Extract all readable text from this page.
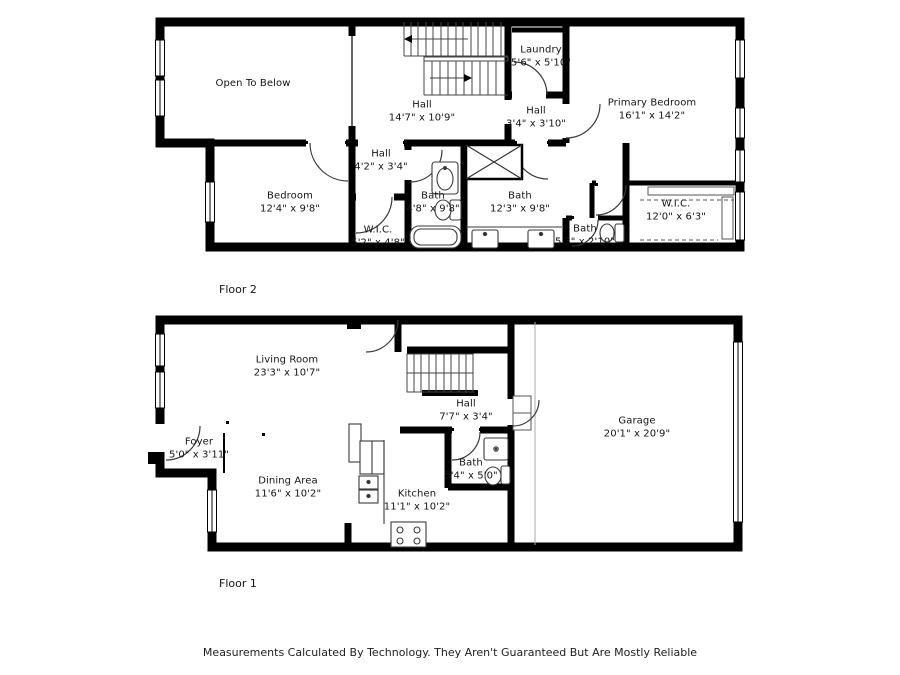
Open To Below
Hall
14'7" x 10'9"
Laundry
5'6" x 5'10"
Hall
3'4" x 3'10"
Primary Bedroom
16'1" x 14'2"
Hall
4'2" x 3'4"
Bedroom
12'4" x 9'8"
Bath
4'8" x 9'8"
W.I.C.
5'2" x 4'8"
Bath
12'3" x 9'8"
Bath
5'3" x 2'10"
W.I.C.
12'0" x 6'3"
Floor 2
Living Room
23'3" x 10'7"
Hall
7'7" x 3'4"
Foyer
5'0" x 3'11"
Dining Area
11'6" x 10'2"	Kitchen
11'1" x 10'2"
Bath
5'4" x 5'0"
Garage
20'1" x 20'9"
Floor 1
Measurements Calculated By Technology. They Aren't Guaranteed But Are Mostly Reliable
